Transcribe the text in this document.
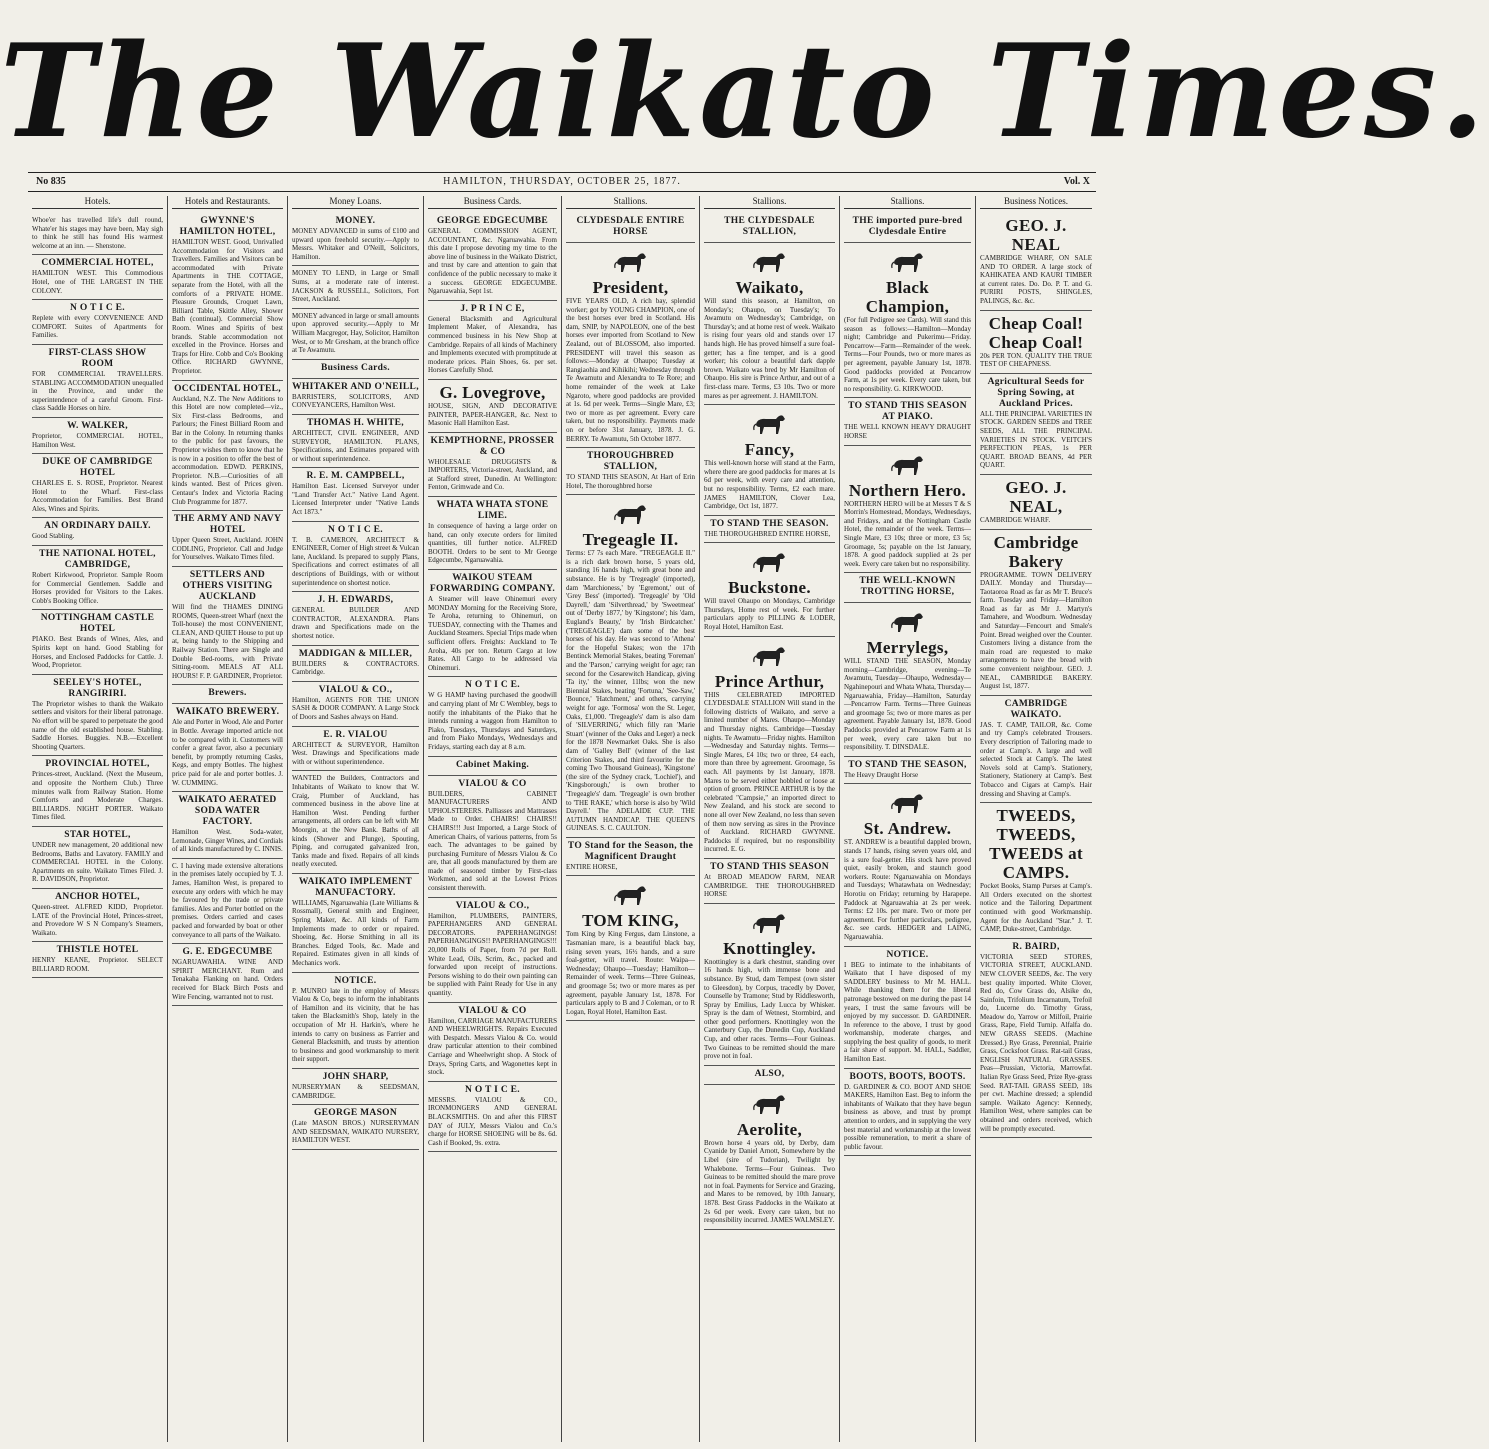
The Waikato Times.
No 835	HAMILTON, THURSDAY, OCTOBER 25, 1877.	Vol. X
Hotels.
Whoe'er has travelled life's dull round, Whate'er his stages may have been, May sigh to think he still has found His warmest welcome at an inn. — Shenstone.
COMMERCIAL HOTEL,
HAMILTON WEST. This Commodious Hotel, one of THE LARGEST IN THE COLONY.
N O T I C E.
Replete with every CONVENIENCE AND COMFORT. Suites of Apartments for Families.
FIRST-CLASS SHOW ROOM
FOR COMMERCIAL TRAVELLERS. STABLING ACCOMMODATION unequalled in the Province, and under the superintendence of a careful Groom. First-class Saddle Horses on hire.
W. WALKER,
Proprietor, COMMERCIAL HOTEL, Hamilton West.
DUKE OF CAMBRIDGE HOTEL
CHARLES E. S. ROSE, Proprietor. Nearest Hotel to the Wharf. First-class Accommodation for Families. Best Brand Ales, Wines and Spirits.
AN ORDINARY DAILY.
Good Stabling.
THE NATIONAL HOTEL, CAMBRIDGE,
Robert Kirkwood, Proprietor. Sample Room for Commercial Gentlemen. Saddle and Horses provided for Visitors to the Lakes. Cobb's Booking Office.
NOTTINGHAM CASTLE HOTEL
PIAKO. Best Brands of Wines, Ales, and Spirits kept on hand. Good Stabling for Horses, and Enclosed Paddocks for Cattle. J. Wood, Proprietor.
SEELEY'S HOTEL, RANGIRIRI.
The Proprietor wishes to thank the Waikato settlers and visitors for their liberal patronage. No effort will be spared to perpetuate the good name of the old established house. Stabling. Saddle Horses. Buggies. N.B.—Excellent Shooting Quarters.
PROVINCIAL HOTEL,
Princes-street, Auckland. (Next the Museum, and opposite the Northern Club.) Three minutes walk from Railway Station. Home Comforts and Moderate Charges. BILLIARDS. NIGHT PORTER. Waikato Times filed.
STAR HOTEL,
UNDER new management, 20 additional new Bedrooms, Baths and Lavatory. FAMILY and COMMERCIAL HOTEL in the Colony. Apartments en suite. Waikato Times Filed. J. R. DAVIDSON, Proprietor.
ANCHOR HOTEL,
Queen-street. ALFRED KIDD, Proprietor. LATE of the Provincial Hotel, Princes-street, and Provedore W S N Company's Steamers, Waikato.
THISTLE HOTEL
HENRY KEANE, Proprietor. SELECT BILLIARD ROOM.
Hotels and Restaurants.
GWYNNE'S HAMILTON HOTEL,
HAMILTON WEST. Good, Unrivalled Accommodation for Visitors and Travellers. Families and Visitors can be accommodated with Private Apartments in THE COTTAGE, separate from the Hotel, with all the comforts of a PRIVATE HOME. Pleasure Grounds, Croquet Lawn, Billiard Table, Skittle Alley, Shower Bath (continual). Commercial Show Room. Wines and Spirits of best brands. Stable accommodation not excelled in the Province. Horses and Traps for Hire. Cobb and Co's Booking Office. RICHARD GWYNNE, Proprietor.
OCCIDENTAL HOTEL,
Auckland, N.Z. The New Additions to this Hotel are now completed—viz., Six First-class Bedrooms, and Parlours; the Finest Billiard Room and Bar in the Colony. In returning thanks to the public for past favours, the Proprietor wishes them to know that he is now in a position to offer the best of accommodation. EDWD. PERKINS, Proprietor. N.B.—Curiosities of all kinds wanted. Best of Prices given. Centaur's Index and Victoria Racing Club Programme for 1877.
THE ARMY AND NAVY HOTEL
Upper Queen Street, Auckland. JOHN CODLING, Proprietor. Call and Judge for Yourselves. Waikato Times filed.
SETTLERS AND OTHERS VISITING AUCKLAND
Will find the THAMES DINING ROOMS, Queen-street Wharf (next the Toll-house) the most CONVENIENT, CLEAN, AND QUIET House to put up at, being handy to the Shipping and Railway Station. There are Single and Double Bed-rooms, with Private Sitting-room. MEALS AT ALL HOURS! F. P. GARDINER, Proprietor.
Brewers.
WAIKATO BREWERY.
Ale and Porter in Wood, Ale and Porter in Bottle. Average imported article not to be compared with it. Customers will confer a great favor, also a pecuniary benefit, by promptly returning Casks, Kegs, and empty Bottles. The highest price paid for ale and porter bottles. J. W. CUMMING.
WAIKATO AERATED SODA WATER FACTORY.
Hamilton West. Soda-water, Lemonade, Ginger Wines, and Cordials of all kinds manufactured by C. INNIS.
C. I having made extensive alterations in the premises lately occupied by T. J. James, Hamilton West, is prepared to execute any orders with which he may be favoured by the trade or private families. Ales and Porter bottled on the premises. Orders carried and cases packed and forwarded by boat or other conveyance to all parts of the Waikato.
G. E. EDGECUMBE
NGARUAWAHIA. WINE AND SPIRIT MERCHANT. Rum and Tenakaha Flanking on hand. Orders received for Black Birch Posts and Wire Fencing, warranted not to rust.
Money Loans.
MONEY.
MONEY ADVANCED in sums of £100 and upward upon freehold security.—Apply to Messrs. Whitaker and O'Neill, Solicitors, Hamilton.
MONEY TO LEND, in Large or Small Sums, at a moderate rate of interest. JACKSON & RUSSELL, Solicitors, Fort Street, Auckland.
MONEY advanced in large or small amounts upon approved security.—Apply to Mr William Macgregor, Hay, Solicitor, Hamilton West, or to Mr Gresham, at the branch office at Te Awamutu.
Business Cards.
WHITAKER AND O'NEILL,
BARRISTERS, SOLICITORS, AND CONVEYANCERS, Hamilton West.
THOMAS H. WHITE,
ARCHITECT, CIVIL ENGINEER, AND SURVEYOR, HAMILTON. PLANS, Specifications, and Estimates prepared with or without superintendence.
R. E. M. CAMPBELL,
Hamilton East. Licensed Surveyor under "Land Transfer Act." Native Land Agent. Licensed Interpreter under "Native Lands Act 1873."
N O T I C E.
T. B. CAMERON, ARCHITECT & ENGINEER, Corner of High street & Vulcan lane, Auckland. Is prepared to supply Plans, Specifications and correct estimates of all descriptions of Buildings, with or without superintendence on shortest notice.
J. H. EDWARDS,
GENERAL BUILDER AND CONTRACTOR, ALEXANDRA. Plans drawn and Specifications made on the shortest notice.
MADDIGAN & MILLER,
BUILDERS & CONTRACTORS. Cambridge.
VIALOU & CO.,
Hamilton, AGENTS FOR THE UNION SASH & DOOR COMPANY. A Large Stock of Doors and Sashes always on Hand.
E. R. VIALOU
ARCHITECT & SURVEYOR, Hamilton West. Drawings and Specifications made with or without superintendence.
WANTED the Builders, Contractors and Inhabitants of Waikato to know that W. Craig, Plumber of Auckland, has commenced business in the above line at Hamilton West. Pending further arrangements, all orders can be left with Mr Moorgin, at the New Bank. Baths of all kinds (Shower and Plunge), Spouting, Piping, and corrugated galvanized Iron, Tanks made and fixed. Repairs of all kinds neatly executed.
WAIKATO IMPLEMENT MANUFACTORY.
WILLIAMS, Ngaruawahia (Late Williams & Rossmall), General smith and Engineer, Spring Maker, &c. All kinds of Farm Implements made to order or repaired. Shoeing, &c. Horse Smithing in all its Branches. Edged Tools, &c. Made and Repaired. Estimates given in all kinds of Mechanics work.
NOTICE.
P. MUNRO late in the employ of Messrs Vialou & Co, begs to inform the inhabitants of Hamilton and its vicinity, that he has taken the Blacksmith's Shop, lately in the occupation of Mr H. Harkin's, where he intends to carry on business as Farrier and General Blacksmith, and trusts by attention to business and good workmanship to merit their support.
JOHN SHARP,
NURSERYMAN & SEEDSMAN, CAMBRIDGE.
GEORGE MASON
(Late MASON BROS.) NURSERYMAN AND SEEDSMAN, WAIKATO NURSERY, HAMILTON WEST.
Business Cards.
GEORGE EDGECUMBE
GENERAL COMMISSION AGENT, ACCOUNTANT, &c. Ngaruawahia. From this date I propose devoting my time to the above line of business in the Waikato District, and trust by care and attention to gain that confidence of the public necessary to make it a success. GEORGE EDGECUMBE. Ngaruawahia, Sept 1st.
J. P R I N C E,
General Blacksmith and Agricultural Implement Maker, of Alexandra, has commenced business in his New Shop at Cambridge. Repairs of all kinds of Machinery and Implements executed with promptitude at moderate prices. Plain Shoes, 6s. per set. Horses Carefully Shod.
G. Lovegrove,
HOUSE, SIGN, AND DECORATIVE PAINTER, PAPER-HANGER, &c. Next to Masonic Hall Hamilton East.
KEMPTHORNE, PROSSER & CO
WHOLESALE DRUGGISTS & IMPORTERS, Victoria-street, Auckland, and at Stafford street, Dunedin. At Wellington: Fenton, Grimwade and Co.
WHATA WHATA STONE LIME.
In consequence of having a large order on hand, can only execute orders for limited quantities, till further notice. ALFRED BOOTH. Orders to be sent to Mr George Edgecumbe, Ngaruawahia.
WAIKOU STEAM FORWARDING COMPANY.
A Steamer will leave Ohinemuri every MONDAY Morning for the Receiving Store, Te Aroha, returning to Ohinemuri, on TUESDAY, connecting with the Thames and Auckland Steamers. Special Trips made when sufficient offers. Freights: Auckland to Te Aroha, 40s per ton. Return Cargo at low Rates. All Cargo to be addressed via Ohinemuri.
N O T I C E.
W G HAMP having purchased the goodwill and carrying plant of Mr C Wembley, begs to notify the inhabitants of the Piako that he intends running a waggon from Hamilton to Piako, Tuesdays, Thursdays and Saturdays, and from Piako Mondays, Wednesdays and Fridays, starting each day at 8 a.m.
Cabinet Making.
VIALOU & CO
BUILDERS, CABINET MANUFACTURERS AND UPHOLSTERERS. Palliasses and Mattrasses Made to Order. CHAIRS! CHAIRS!! CHAIRS!!! Just Imported, a Large Stock of American Chairs, of various patterns, from 5s each. The advantages to be gained by purchasing Furniture of Messrs Vialou & Co are, that all goods manufactured by them are made of seasoned timber by First-class Workmen, and sold at the Lowest Prices consistent therewith.
VIALOU & CO.,
Hamilton, PLUMBERS, PAINTERS, PAPERHANGERS AND GENERAL DECORATORS. PAPERHANGINGS! PAPERHANGINGS!! PAPERHANGINGS!!! 20,000 Rolls of Paper, from 7d per Roll. White Lead, Oils, Scrim, &c., packed and forwarded upon receipt of instructions. Persons wishing to do their own painting can be supplied with Paint Ready for Use in any quantity.
VIALOU & CO
Hamilton, CARRIAGE MANUFACTURERS AND WHEELWRIGHTS. Repairs Executed with Despatch. Messrs Vialou & Co. would draw particular attention to their combined Carriage and Wheelwright shop. A Stock of Drays, Spring Carts, and Wagonettes kept in stock.
N O T I C E.
MESSRS. VIALOU & CO., IRONMONGERS AND GENERAL BLACKSMITHS. On and after this FIRST DAY of JULY, Messrs Vialou and Co.'s charge for HORSE SHOEING will be 8s. 6d. Cash if Booked, 9s. extra.
Stallions.
CLYDESDALE ENTIRE HORSE
President,
FIVE YEARS OLD, A rich bay, splendid worker; got by YOUNG CHAMPION, one of the best horses ever bred in Scotland. His dam, SNIP, by NAPOLEON, one of the best horses ever imported from Scotland to New Zealand, out of BLOSSOM, also imported. PRESIDENT will travel this season as follows:—Monday at Ohaupo; Tuesday at Rangiaohia and Kihikihi; Wednesday through Te Awamutu and Alexandra to Te Rore; and home remainder of the week at Lake Ngaroto, where good paddocks are provided at 1s. 6d per week. Terms—Single Mare, £3; two or more as per agreement. Every care taken, but no responsibility. Payments made on or before 31st January, 1878. J. G. BERRY. Te Awamutu, 5th October 1877.
THOROUGHBRED STALLION,
TO STAND THIS SEASON, At Hart of Erin Hotel, The thoroughbred horse
Tregeagle II.
Terms: £7 7s each Mare. "TREGEAGLE II." is a rich dark brown horse, 5 years old, standing 16 hands high, with great bone and substance. He is by 'Tregeagle' (imported), dam 'Marchioness,' by 'Egremont,' out of 'Grey Bess' (imported). 'Tregeagle' by 'Old Dayrell,' dam 'Silverthread,' by 'Sweetmeat' out of 'Derby 1877,' by 'Kingstone'; his 'dam, Eugland's Beauty,' by 'Irish Birdcatcher.' ('TREGEAGLE') dam some of the best horses of his day. He was second to 'Athena' for the Hopeful Stakes; won the 17th Bentinck Memorial Stakes, beating 'Foreman' and the 'Parson,' carrying weight for age; ran second for the Cesarewitch Handicap, giving 'Ta ity,' the winner, 11lbs; won the new Biennial Stakes, beating 'Fortuna,' 'See-Saw,' 'Bounce,' 'Hatchment,' and others, carrying weight for age. 'Formosa' won the St. Leger, Oaks, £1,000. 'Tregeagle's' dam is also dam of 'SILVERRING,' which filly ran 'Marie Stuart' (winner of the Oaks and Leger) a neck for the 1878 Newmarket Oaks. She is also dam of 'Galley Bell' (winner of the last Criterion Stakes, and third favourite for the coming Two Thousand Guineas), 'Kingstone' (the sire of the Sydney crack, 'Lochiel'), and 'Kingsborough,' is own brother to 'Tregeagle's' dam. 'Tregeagle' is own brother to 'THE RAKE,' which horse is also by 'Wild Dayrell.' The ADELAIDE CUP. THE AUTUMN HANDICAP. THE QUEEN'S GUINEAS. S. C. CAULTON.
TO Stand for the Season, the Magnificent Draught
ENTIRE HORSE,
TOM KING,
Tom King by King Fergus, dam Linstone, a Tasmanian mare, is a beautiful black bay, rising seven years, 16½ hands, and a sure foal-getter, will travel. Route: Waipa—Wednesday; Ohaupo—Tuesday; Hamilton—Remainder of week. Terms—Three Guineas, and groomage 5s; two or more mares as per agreement, payable January 1st, 1878. For particulars apply to B and J Coleman, or to R Logan, Royal Hotel, Hamilton East.
Stallions.
THE CLYDESDALE STALLION,
Waikato,
Will stand this season, at Hamilton, on Monday's; Ohaupo, on Tuesday's; To Awamutu on Wednesday's; Cambridge, on Thursday's; and at home rest of week. Waikato is rising four years old and stands over 17 hands high. He has proved himself a sure foal-getter; has a fine temper, and is a good worker; his colour a beautiful dark dapple brown. Waikato was bred by Mr Hamilton of Ohaupo. His sire is Prince Arthur, and out of a first-class mare. Terms, £3 10s. Two or more mares as per agreement. J. HAMILTON.
Fancy,
This well-known horse will stand at the Farm, where there are good paddocks for mares at 1s 6d per week, with every care and attention, but no responsibility. Terms, £2 each mare. JAMES HAMILTON, Clover Lea, Cambridge, Oct 1st, 1877.
TO STAND THE SEASON.
THE THOROUGHBRED ENTIRE HORSE,
Buckstone.
Will travel Ohaupo on Mondays, Cambridge Thursdays, Home rest of week. For further particulars apply to PILLING & LODER, Royal Hotel, Hamilton East.
Prince Arthur,
THIS CELEBRATED IMPORTED CLYDESDALE STALLION Will stand in the following districts of Waikato, and serve a limited number of Mares. Ohaupo—Monday and Thursday nights. Cambridge—Tuesday nights. Te Awamutu—Friday nights. Hamilton—Wednesday and Saturday nights. Terms—Single Mares, £4 10s; two or three, £4 each, more than three by agreement. Groomage, 5s each. All payments by 1st January, 1878. Mares to be served either hobbled or loose at option of groom. PRINCE ARTHUR is by the celebrated "Campsie," an imported direct to New Zealand, and his stock are second to none all over New Zealand, no less than seven of them now serving as sires in the Province of Auckland. RICHARD GWYNNE. Paddocks if required, but no responsibility incurred. E. G.
TO STAND THIS SEASON
At BROAD MEADOW FARM, NEAR CAMBRIDGE. THE THOROUGHBRED HORSE
Knottingley.
Knottingley is a dark chestnut, standing over 16 hands high, with immense bone and substance. By Stud, dam Tempest (own sister to Gleesdon), by Corpus, tracedly by Dover, Counselle by Tramone; Stud by Riddlesworth, Spray by Emilius, Lady Lucca by Whisker. Spray is the dam of Wetnest, Stormbird, and other good performers. Knottingley won the Canterbury Cup, the Dunedin Cup, Auckland Cup, and other races. Terms—Four Guineas. Two Guineas to be remitted should the mare prove not in foal.
ALSO,
Aerolite,
Brown horse 4 years old, by Derby, dam Cyanide by Daniel Arnott, Somewhere by the Libel (sire of Tudorian), Twilight by Whalebone. Terms—Four Guineas. Two Guineas to be remitted should the mare prove not in foal. Payments for Service and Grazing, and Mares to be removed, by 10th January, 1878. Best Grass Paddocks in the Waikato at 2s 6d per week. Every care taken, but no responsibility incurred. JAMES WALMSLEY.
Stallions.
THE imported pure-bred Clydesdale Entire
Black Champion,
(For full Pedigree see Cards). Will stand this season as follows:—Hamilton—Monday night; Cambridge and Pukerimu—Friday. Pencarrow—Farm—Remainder of the week. Terms—Four Pounds, two or more mares as per agreement, payable January 1st, 1878. Good paddocks provided at Pencarrow Farm, at 1s per week. Every care taken, but no responsibility. G. KIRKWOOD.
TO STAND THIS SEASON AT PIAKO.
THE WELL KNOWN HEAVY DRAUGHT HORSE
Northern Hero.
NORTHERN HERO will be at Messrs T & S Morrin's Homestead, Mondays, Wednesdays, and Fridays, and at the Nottingham Castle Hotel, the remainder of the week. Terms—Single Mare, £3 10s; three or more, £3 5s; Groomage, 5s; payable on the 1st January, 1878. A good paddock supplied at 2s per week. Every care taken but no responsibility.
THE WELL-KNOWN TROTTING HORSE,
Merrylegs,
WILL STAND THE SEASON, Monday morning—Cambridge, evening—Te Awamutu, Tuesday—Ohaupo, Wednesday—Ngahinepouri and Whata Whata, Thursday—Ngaruawahia, Friday—Hamilton, Saturday—Pencarrow Farm. Terms—Three Guineas and groomage 5s; two or more mares as per agreement. Payable January 1st, 1878. Good Paddocks provided at Pencarrow Farm at 1s per week, every care taken but no responsibility. T. DINSDALE.
TO STAND THE SEASON,
The Heavy Draught Horse
St. Andrew.
ST. ANDREW is a beautiful dappled brown, stands 17 hands, rising seven years old, and is a sure foal-getter. His stock have proved quiet, easily broken, and staunch good workers. Route: Ngaruawahia on Mondays and Tuesdays; Whatawhata on Wednesday; Horotiu on Friday; returning by Harapepe. Paddock at Ngaruawahia at 2s per week. Terms: £2 10s. per mare. Two or more per agreement. For further particulars, pedigree, &c. see cards. HEDGER and LAING, Ngaruawahia.
NOTICE.
I BEG to intimate to the inhabitants of Waikato that I have disposed of my SADDLERY business to Mr M. HALL. While thanking them for the liberal patronage bestowed on me during the past 14 years, I trust the same favours will be enjoyed by my successor. D. GARDINER. In reference to the above, I trust by good workmanship, moderate charges, and supplying the best quality of goods, to merit a fair share of support. M. HALL, Saddler, Hamilton East.
BOOTS, BOOTS, BOOTS.
D. GARDINER & CO. BOOT AND SHOE MAKERS, Hamilton East. Beg to inform the inhabitants of Waikato that they have begun business as above, and trust by prompt attention to orders, and in supplying the very best material and workmanship at the lowest possible remuneration, to merit a share of public favour.
Business Notices.
GEO. J. NEAL
CAMBRIDGE WHARF, ON SALE AND TO ORDER. A large stock of KAHIKATEA AND KAURI TIMBER at current rates. Do. Do. P. T. and G. PURIRI POSTS, SHINGLES, PALINGS, &c. &c.
Cheap Coal! Cheap Coal!
20s PER TON. QUALITY THE TRUE TEST OF CHEAPNESS.
Agricultural Seeds for Spring Sowing, at Auckland Prices.
ALL THE PRINCIPAL VARIETIES IN STOCK. GARDEN SEEDS and TREE SEEDS, ALL THE PRINCIPAL VARIETIES IN STOCK. VEITCH'S PERFECTION PEAS, 1s PER QUART. BROAD BEANS, 4d PER QUART.
GEO. J. NEAL,
CAMBRIDGE WHARF.
Cambridge Bakery
PROGRAMME. TOWN DELIVERY DAILY. Monday and Thursday—Taotaoroa Road as far as Mr T. Bruce's farm. Tuesday and Friday—Hamilton Road as far as Mr J. Martyn's Tamahere, and Woodburn. Wednesday and Saturday—Fencourt and Smale's Point. Bread weighed over the Counter. Customers living a distance from the main road are requested to make arrangements to have the bread with some convenient neighbour. GEO. J. NEAL, CAMBRIDGE BAKERY. August 1st, 1877.
CAMBRIDGE WAIKATO.
JAS. T. CAMP, TAILOR, &c. Come and try Camp's celebrated Trousers. Every description of Tailoring made to order at Camp's. A large and well selected Stock at Camp's. The latest Novels sold at Camp's. Stationery, Stationery, Stationery at Camp's. Best Tobacco and Cigars at Camp's. Hair dressing and Shaving at Camp's.
TWEEDS, TWEEDS, TWEEDS at CAMPS.
Pocket Books, Stamp Purses at Camp's. All Orders executed on the shortest notice and the Tailoring Department continued with good Workmanship. Agent for the Auckland "Star." J. T. CAMP, Duke-street, Cambridge.
R. BAIRD,
VICTORIA SEED STORES, VICTORIA STREET, AUCKLAND. NEW CLOVER SEEDS, &c. The very best quality imported. White Clover, Red do, Cow Grass do, Alsike do, Sainfoin, Trifolium Incarnatum, Trefoil do, Lucerne do. Timothy Grass, Meadow do, Yarrow or Milfoil, Prairie Grass, Rape, Field Turnip. Alfalfa do. NEW GRASS SEEDS. (Machine Dressed.) Rye Grass, Perennial, Prairie Grass, Cocksfoot Grass. Rat-tail Grass, ENGLISH NATURAL GRASSES. Peas—Prussian, Victoria, Marrowfat. Italian Rye Grass Seed, Prize Rye-grass Seed. RAT-TAIL GRASS SEED, 18s per cwt. Machine dressed; a splendid sample. Waikato Agency: Kennedy, Hamilton West, where samples can be obtained and orders received, which will be promptly executed.
